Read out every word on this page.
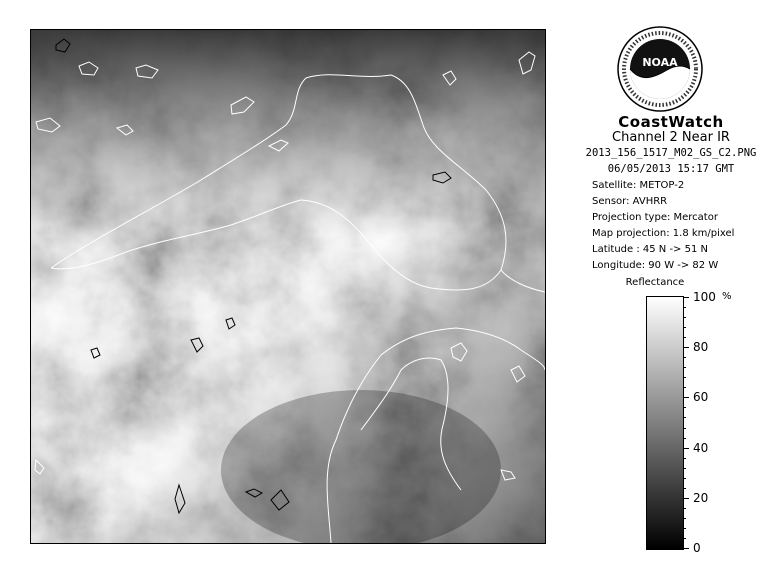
NOAA
CoastWatch
Channel 2 Near IR
2013_156_1517_M02_GS_C2.PNG
06/05/2013 15:17 GMT
Satellite: METOP-2
Sensor: AVHRR
Projection type: Mercator
Map projection: 1.8 km/pixel
Latitude : 45 N -> 51 N
Longitude: 90 W -> 82 W
Reflectance
%
100
80
60
40
20
0
